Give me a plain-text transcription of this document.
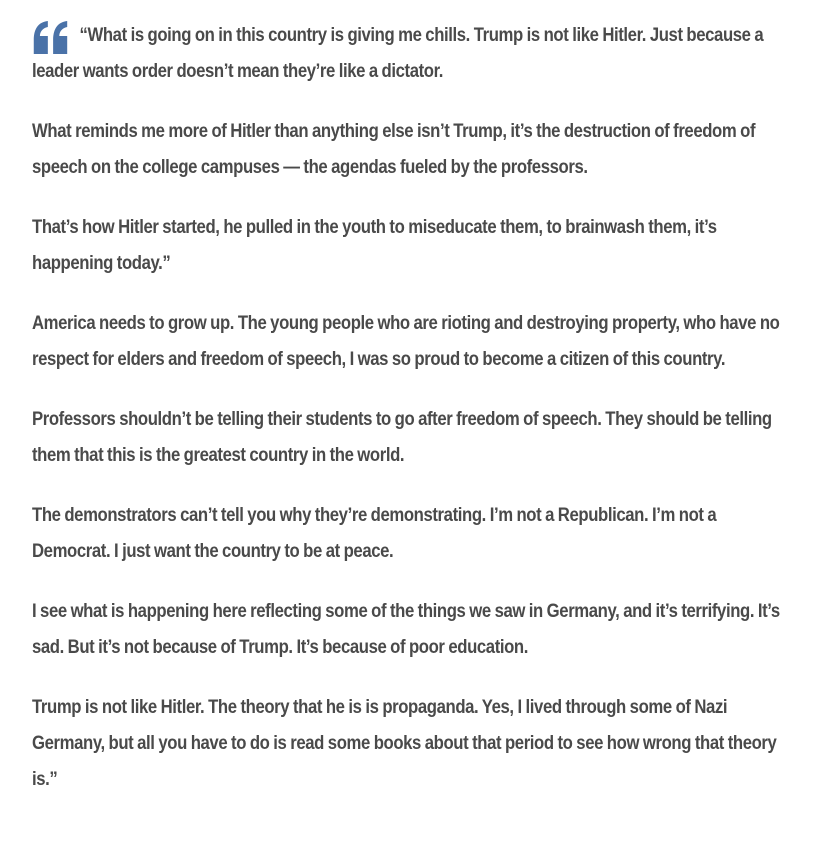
“What is going on in this country is giving me chills. Trump is not like Hitler. Just because a leader wants order doesn’t mean they’re like a dictator.

What reminds me more of Hitler than anything else isn’t Trump, it’s the destruction of freedom of speech on the college campuses — the agendas fueled by the professors.

That’s how Hitler started, he pulled in the youth to miseducate them, to brainwash them, it’s happening today.”

America needs to grow up. The young people who are rioting and destroying property, who have no respect for elders and freedom of speech, I was so proud to become a citizen of this country.

Professors shouldn’t be telling their students to go after freedom of speech. They should be telling them that this is the greatest country in the world.

The demonstrators can’t tell you why they’re demonstrating. I’m not a Republican. I’m not a Democrat. I just want the country to be at peace.

I see what is happening here reflecting some of the things we saw in Germany, and it’s terrifying. It’s sad. But it’s not because of Trump. It’s because of poor education.

Trump is not like Hitler. The theory that he is is propaganda. Yes, I lived through some of Nazi Germany, but all you have to do is read some books about that period to see how wrong that theory is.”
